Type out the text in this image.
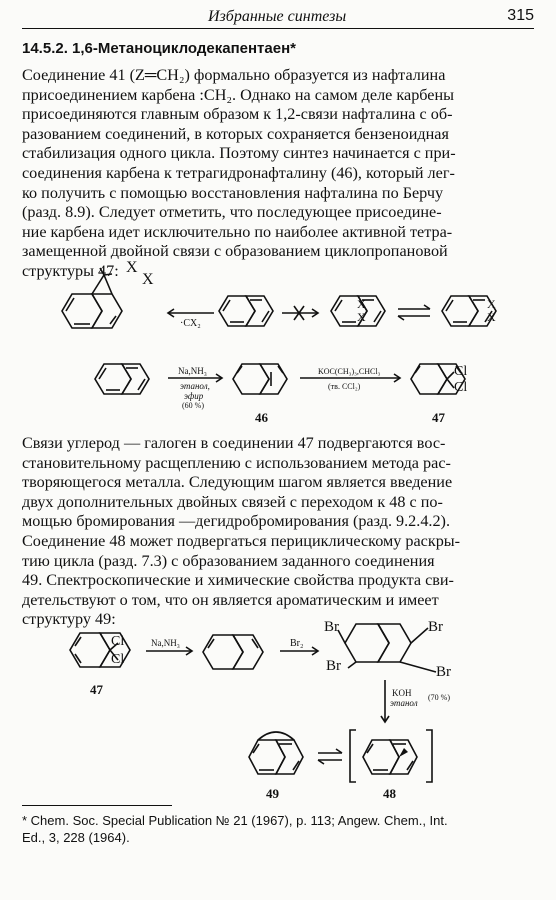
Избранные синтезы	315
14.5.2. 1,6-Метаноциклодекапентаен*
Соединение 41 (Z═CH₂) формально образуется из нафталина
присоединением карбена :CH₂. Однако на самом деле карбены
присоединяются главным образом к 1,2-связи нафталина с об-
разованием соединений, в которых сохраняется бензеноидная
стабилизация одного цикла. Поэтому синтез начинается с при-
соединения карбена к тетрагидронафталину (46), который лег-
ко получить с помощью восстановления нафталина по Берчу
(разд. 8.9). Следует отметить, что последующее присоедине-
ние карбена идет исключительно по наиболее активной тетра-
замещенной двойной связи с образованием циклопропановой
структуры 47: X
X
·CX₂
X
X
X
X
Na,NH₃
этанол,
эфир
(60 %)
KOC(CH₃)₃,CHCl₃
(тв. CCl₂)
Cl
Cl
46	47
Связи углерод — галоген в соединении 47 подвергаются вос-
становительному расщеплению с использованием метода рас-
творяющегося металла. Следующим шагом является введение
двух дополнительных двойных связей с переходом к 48 с по-
мощью бромирования —дегидробромирования (разд. 9.2.4.2).
Соединение 48 может подвергаться перициклическому раскры-
тию цикла (разд. 7.3) с образованием заданного соединения
49. Спектроскопические и химические свойства продукта сви-
детельствуют о том, что он является ароматическим и имеет
структуру 49:
Cl
Cl
47
Na,NH₃	Br₂
Br	Br
Br	Br
KOH
этанол
(70 %)
49	48
* Chem. Soc. Special Publication № 21 (1967), p. 113; Angew. Chem., Int.
Ed., 3, 228 (1964).
